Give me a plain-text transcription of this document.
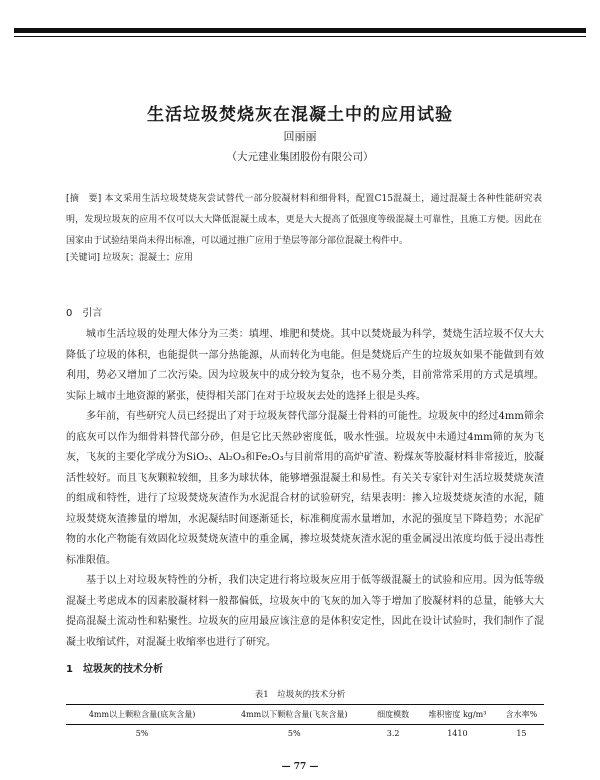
生活垃圾焚烧灰在混凝土中的应用试验
回丽丽
（大元建业集团股份有限公司）
[摘　要] 本文采用生活垃圾焚烧灰尝试替代一部分胶凝材料和细骨料，配置C15混凝土，通过混凝土各种性能研究表明，发现垃圾灰的应用不仅可以大大降低混凝土成本，更是大大提高了低强度等级混凝土可靠性，且施工方便。因此在国家由于试验结果尚未得出标准，可以通过推广应用于垫层等部分部位混凝土构件中。
[关键词] 垃圾灰；混凝土；应用
0　引言

城市生活垃圾的处理大体分为三类：填埋、堆肥和焚烧。其中以焚烧最为科学，焚烧生活垃圾不仅大大降低了垃圾的体积，也能提供一部分热能源，从而转化为电能。但是焚烧后产生的垃圾灰如果不能做到有效利用，势必又增加了二次污染。因为垃圾灰中的成分较为复杂，也不易分类，目前常常采用的方式是填埋。实际上城市土地资源的紧张，使得相关部门在对于垃圾灰去处的选择上很是头疼。

多年前，有些研究人员已经提出了对于垃圾灰替代部分混凝土骨料的可能性。垃圾灰中的经过4mm筛余的底灰可以作为细骨料替代部分砂，但是它比天然砂密度低，吸水性强。垃圾灰中未通过4mm筛的灰为飞灰，飞灰的主要化学成分为SiO₂、Al₂O₃和Fe₂O₃与目前常用的高炉矿渣、粉煤灰等胶凝材料非常接近，胶凝活性较好。而且飞灰颗粒较细，且多为球状体，能够增强混凝土和易性。有关关专家针对生活垃圾焚烧灰渣的组成和特性，进行了垃圾焚烧灰渣作为水泥混合材的试验研究，结果表明：掺入垃圾焚烧灰渣的水泥，随垃圾焚烧灰渣掺量的增加，水泥凝结时间逐渐延长，标准稠度需水量增加，水泥的强度呈下降趋势；水泥矿物的水化产物能有效固化垃圾焚烧灰渣中的重金属，掺垃圾焚烧灰渣水泥的重金属浸出浓度均低于浸出毒性标准限值。

基于以上对垃圾灰特性的分析，我们决定进行将垃圾灰应用于低等级混凝土的试验和应用。因为低等级混凝土考虑成本的因素胶凝材料一般都偏低，垃圾灰中的飞灰的加入等于增加了胶凝材料的总量，能够大大提高混凝土流动性和粘聚性。垃圾灰的应用最应该注意的是体积安定性，因此在设计试验时，我们制作了混凝土收缩试件，对混凝土收缩率也进行了研究。

1　垃圾灰的技术分析
表1　垃圾灰的技术分析
4mm以上颗粒含量(底灰含量)	4mm以下颗粒含量(飞灰含量)	细度模数	堆积密度 kg/m³	含水率%
5%	5%	3.2	1410	15
— 77 —
